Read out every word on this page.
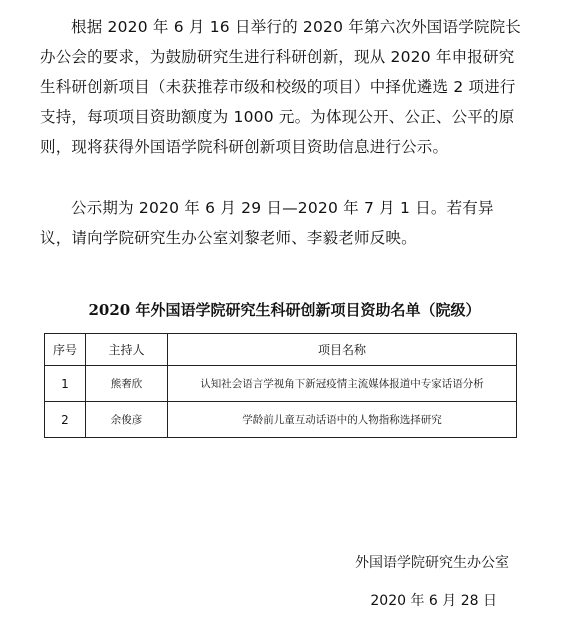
根据 2020 年 6 月 16 日举行的 2020 年第六次外国语学院院长办公会的要求，为鼓励研究生进行科研创新，现从 2020 年申报研究生科研创新项目（未获推荐市级和校级的项目）中择优遴选 2 项进行支持，每项项目资助额度为 1000 元。为体现公开、公正、公平的原则，现将获得外国语学院科研创新项目资助信息进行公示。

公示期为 2020 年 6 月 29 日—2020 年 7 月 1 日。若有异议，请向学院研究生办公室刘黎老师、李毅老师反映。

2020 年外国语学院研究生科研创新项目资助名单（院级）
序号	主持人	项目名称
1	熊奢欣	认知社会语言学视角下新冠疫情主流媒体报道中专家话语分析
2	余俊彦	学龄前儿童互动话语中的人物指称选择研究

外国语学院研究生办公室

2020 年 6 月 28 日
